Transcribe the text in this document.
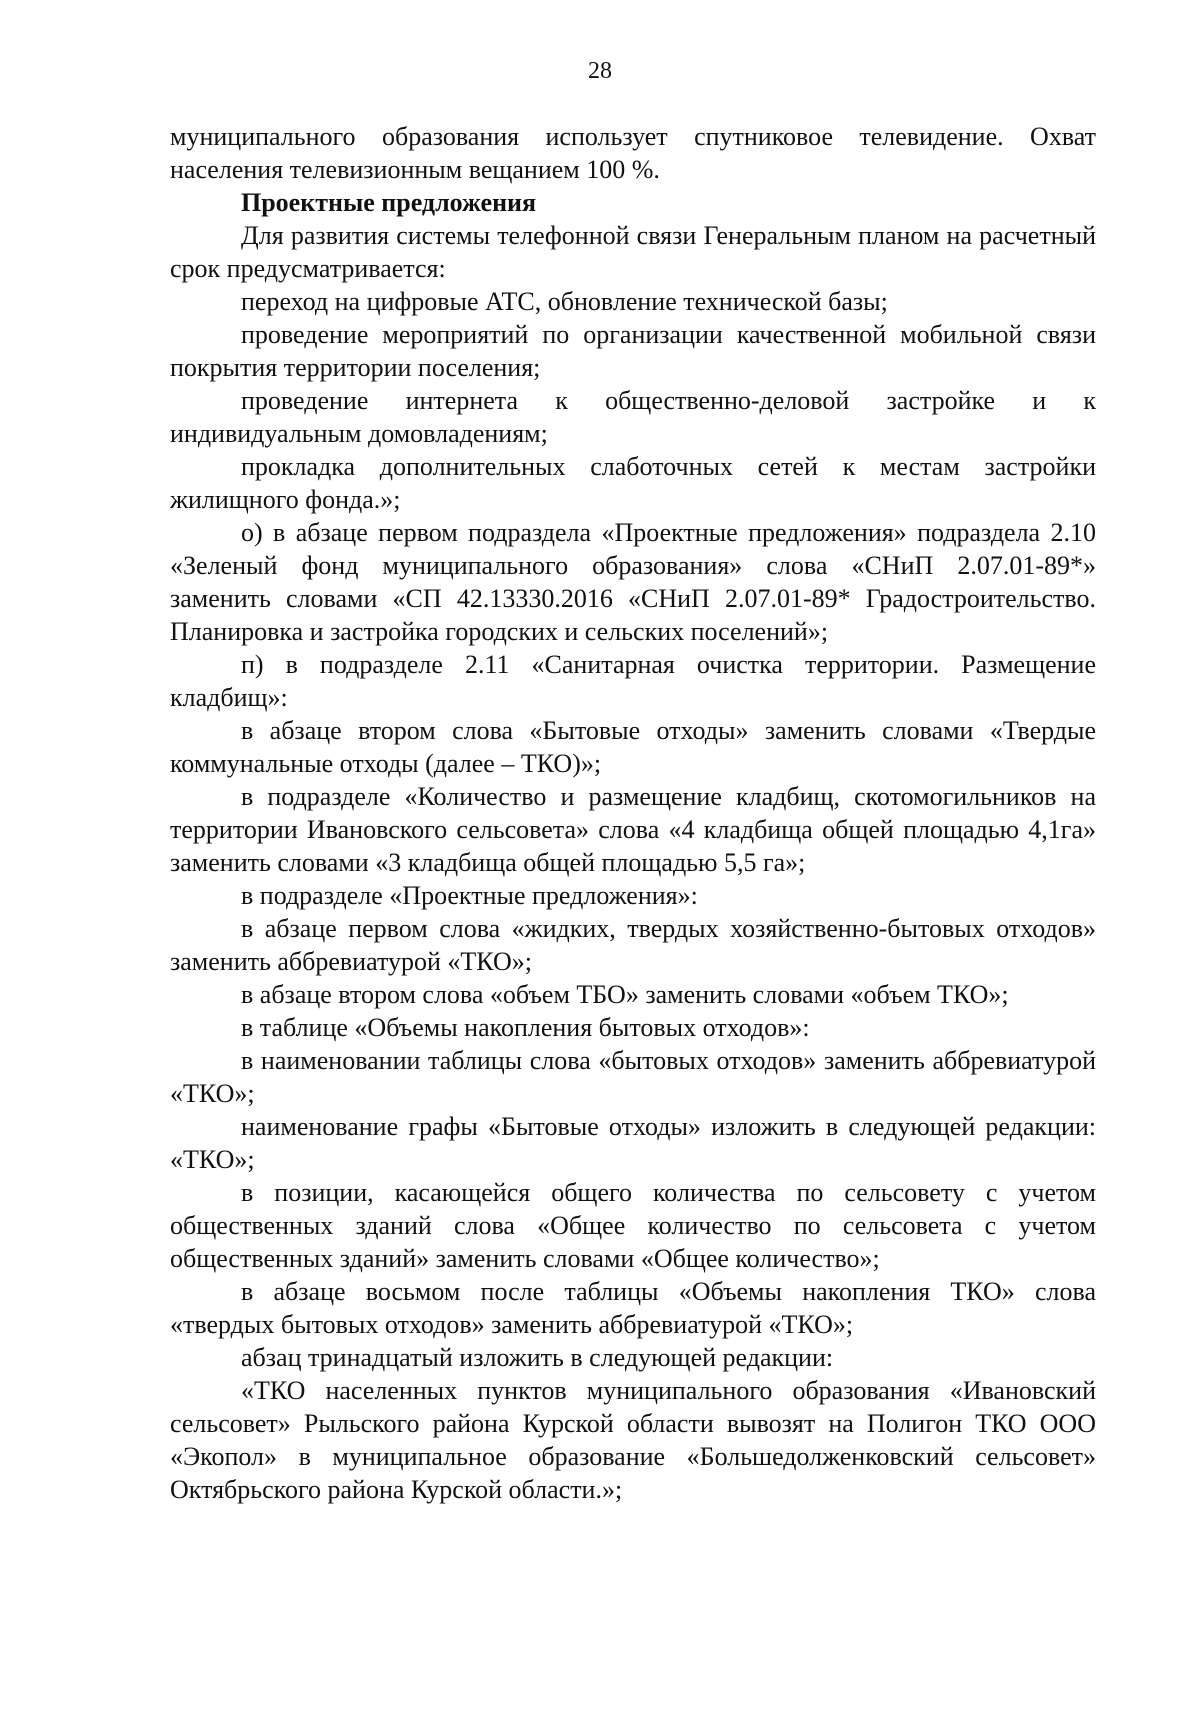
28

муниципального образования использует спутниковое телевидение. Охват населения телевизионным вещанием 100 %.

Проектные предложения

Для развития системы телефонной связи Генеральным планом на расчетный срок предусматривается:

переход на цифровые АТС, обновление технической базы;

проведение мероприятий по организации качественной мобильной связи покрытия территории поселения;

проведение интернета к общественно-деловой застройке и к индивидуальным домовладениям;

прокладка дополнительных слаботочных сетей к местам застройки жилищного фонда.»;

о) в абзаце первом подраздела «Проектные предложения» подраздела 2.10 «Зеленый фонд муниципального образования» слова «СНиП 2.07.01-89*» заменить словами «СП 42.13330.2016 «СНиП 2.07.01-89* Градостроительство. Планировка и застройка городских и сельских поселений»;

п) в подразделе 2.11 «Санитарная очистка территории. Размещение кладбищ»:

в абзаце втором слова «Бытовые отходы» заменить словами «Твердые коммунальные отходы (далее – ТКО)»;

в подразделе «Количество и размещение кладбищ, скотомогильников на территории Ивановского сельсовета» слова «4 кладбища общей площадью 4,1га» заменить словами «3 кладбища общей площадью 5,5 га»;

в подразделе «Проектные предложения»:

в абзаце первом слова «жидких, твердых хозяйственно-бытовых отходов» заменить аббревиатурой «ТКО»;

в абзаце втором слова «объем ТБО» заменить словами «объем ТКО»;

в таблице «Объемы накопления бытовых отходов»:

в наименовании таблицы слова «бытовых отходов» заменить аббревиатурой «ТКО»;

наименование графы «Бытовые отходы» изложить в следующей редакции: «ТКО»;

в позиции, касающейся общего количества по сельсовету с учетом общественных зданий слова «Общее количество по сельсовета с учетом общественных зданий» заменить словами «Общее количество»;

в абзаце восьмом после таблицы «Объемы накопления ТКО» слова «твердых бытовых отходов» заменить аббревиатурой «ТКО»;

абзац тринадцатый изложить в следующей редакции:

«ТКО населенных пунктов муниципального образования «Ивановский сельсовет» Рыльского района Курской области вывозят на Полигон ТКО ООО «Экопол» в муниципальное образование «Большедолженковский сельсовет» Октябрьского района Курской области.»;
